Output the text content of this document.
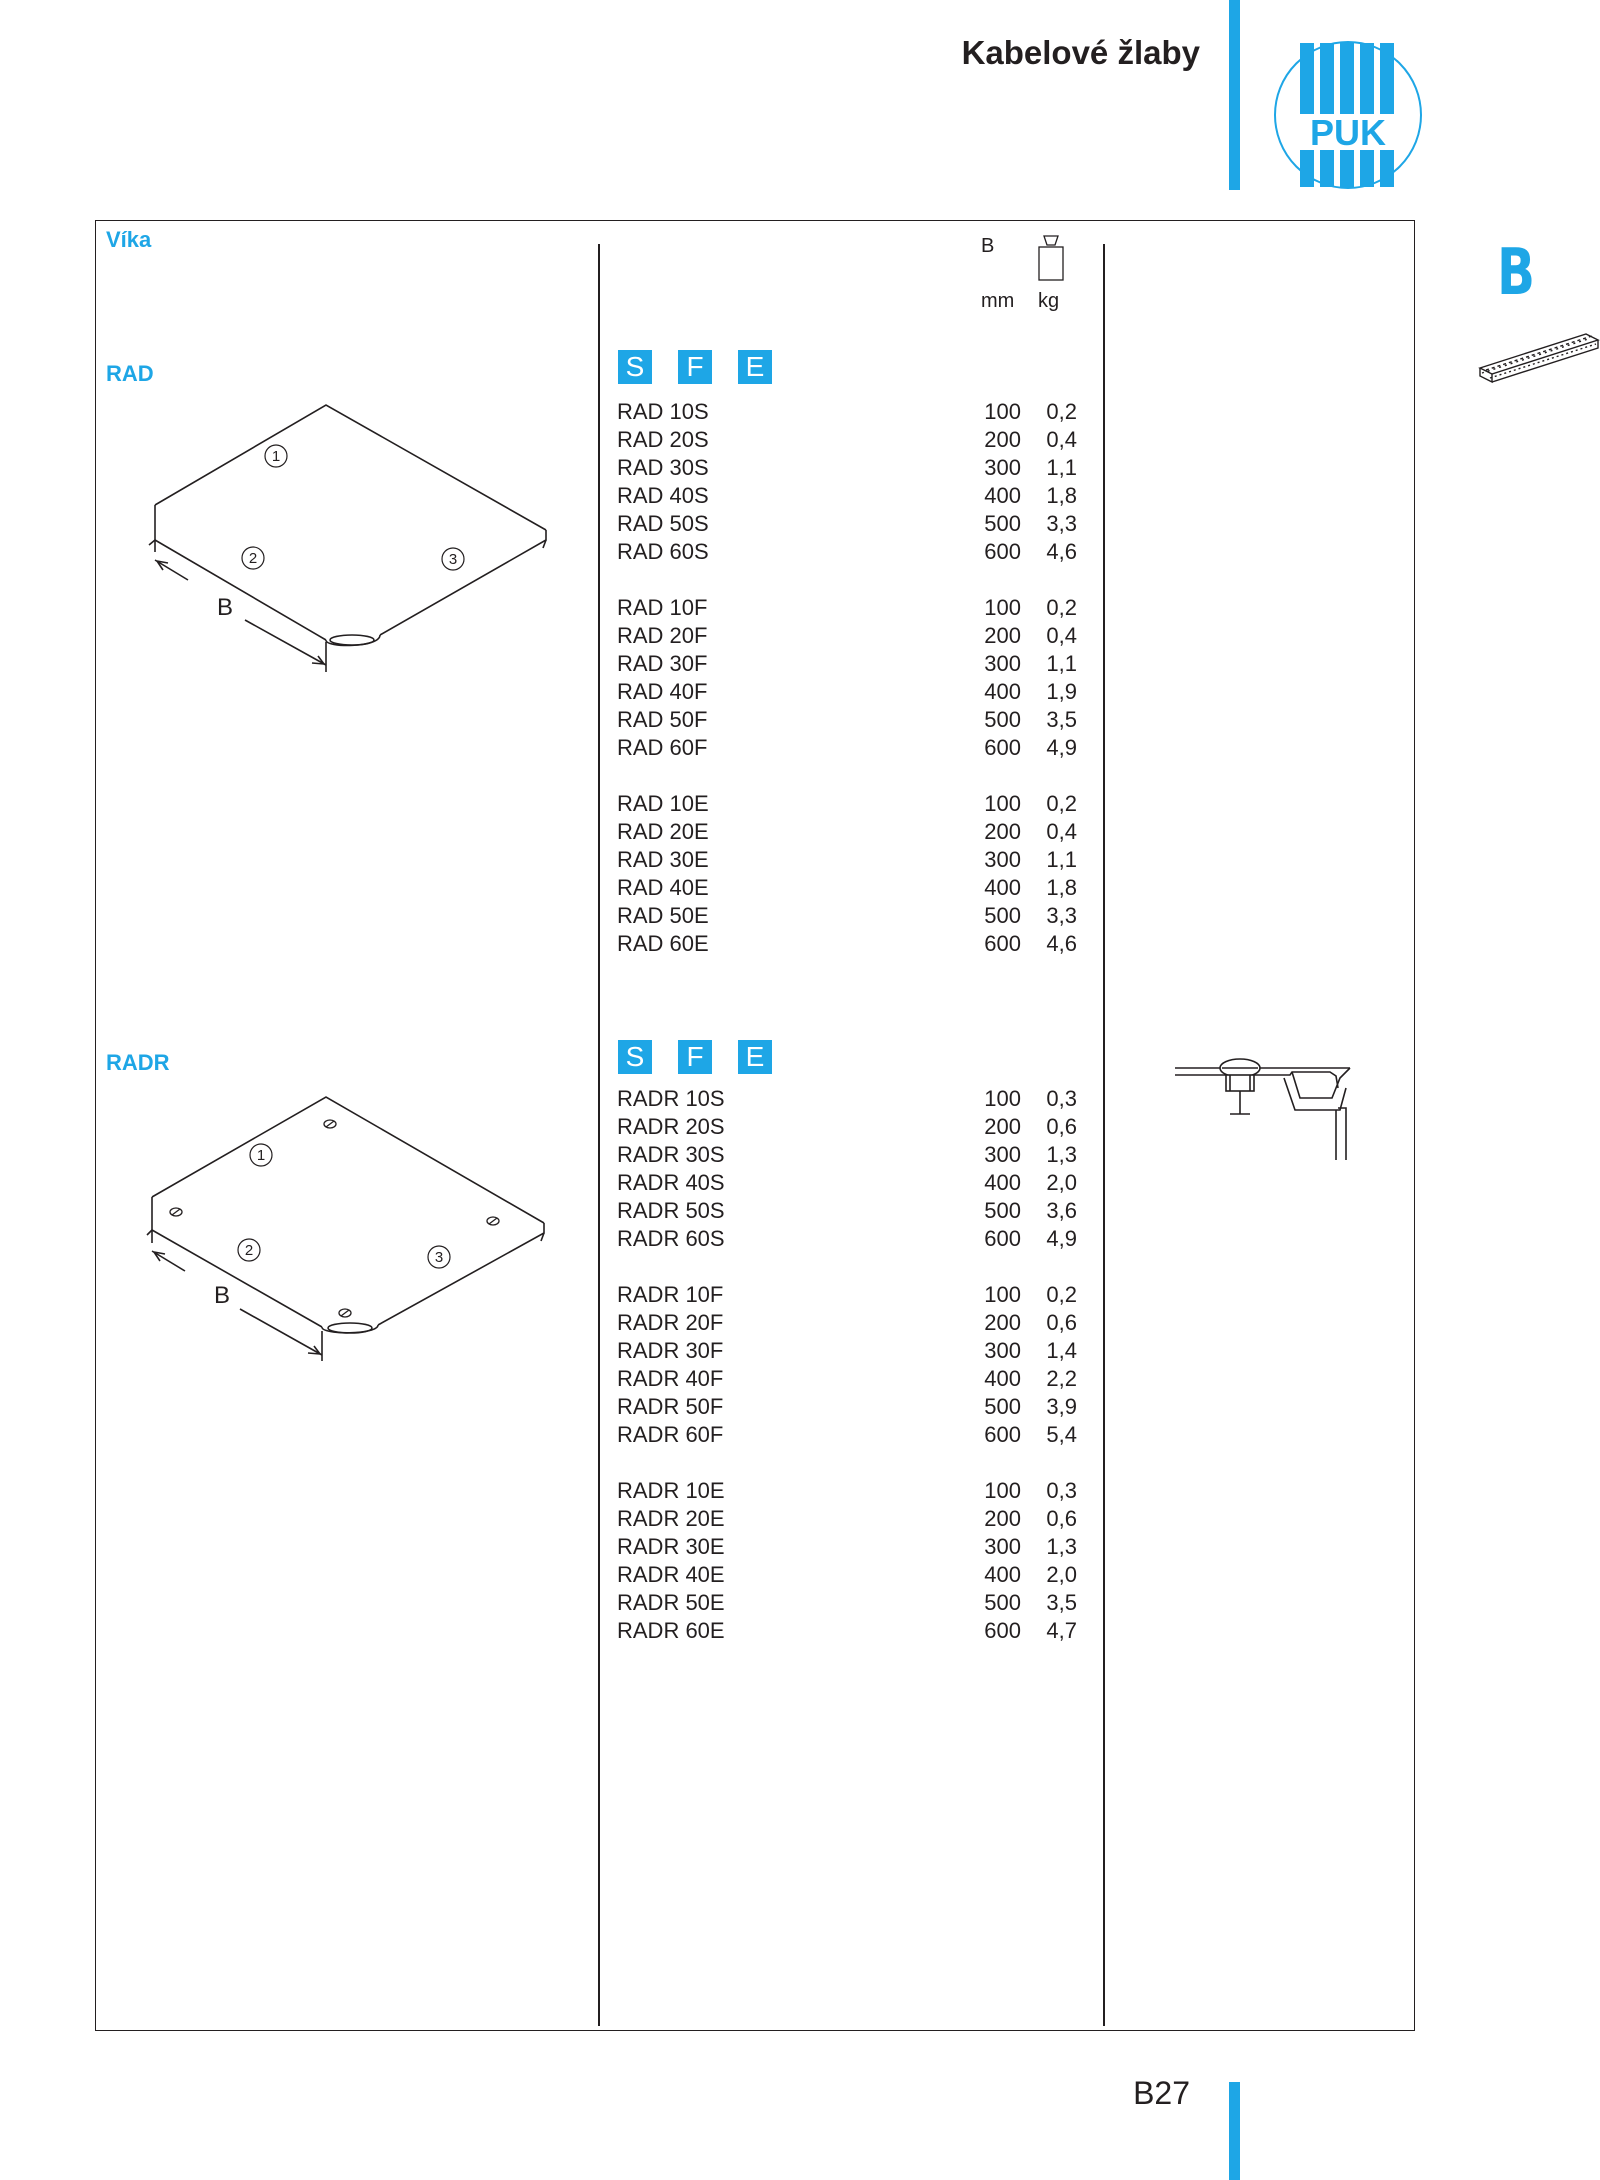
Kabelové žlaby
PUK
B
Víka	B
mm kg
RAD
1
2	3
B
S	F	E
RAD 10S	100	0,2
RAD 20S	200	0,4
RAD 30S	300	1,1
RAD 40S	400	1,8
RAD 50S	500	3,3
RAD 60S	600	4,6
RAD 10F	100	0,2
RAD 20F	200	0,4
RAD 30F	300	1,1
RAD 40F	400	1,9
RAD 50F	500	3,5
RAD 60F	600	4,9
RAD 10E	100	0,2
RAD 20E	200	0,4
RAD 30E	300	1,1
RAD 40E	400	1,8
RAD 50E	500	3,3
RAD 60E	600	4,6
RADR
1
2	3
B
S	F	E
RADR 10S	100	0,3
RADR 20S	200	0,6
RADR 30S	300	1,3
RADR 40S	400	2,0
RADR 50S	500	3,6
RADR 60S	600	4,9
RADR 10F	100	0,2
RADR 20F	200	0,6
RADR 30F	300	1,4
RADR 40F	400	2,2
RADR 50F	500	3,9
RADR 60F	600	5,4
RADR 10E	100	0,3
RADR 20E	200	0,6
RADR 30E	300	1,3
RADR 40E	400	2,0
RADR 50E	500	3,5
RADR 60E	600	4,7
B27
